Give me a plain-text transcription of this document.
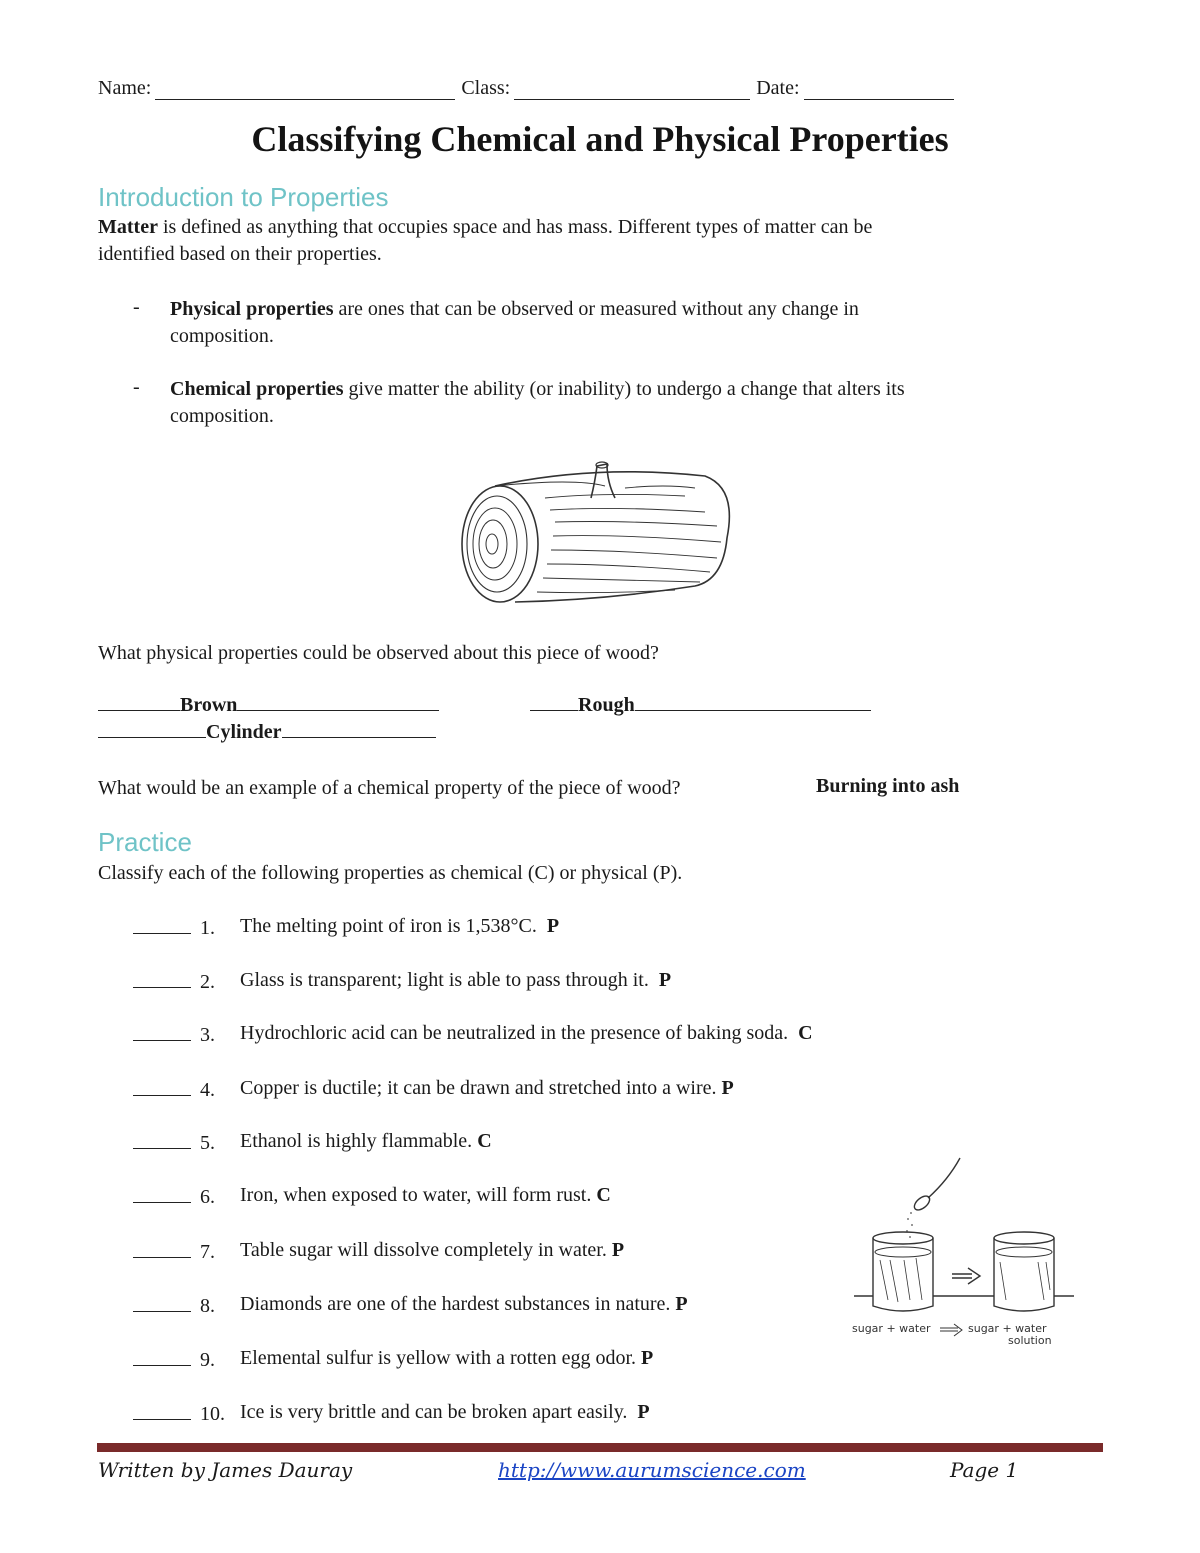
Name:	Class:	Date:
Classifying Chemical and Physical Properties
Introduction to Properties
Matter is defined as anything that occupies space and has mass. Different types of matter can be
identified based on their properties.
- Physical properties are ones that can be observed or measured without any change in
composition.
- Chemical properties give matter the ability (or inability) to undergo a change that alters its
composition.
What physical properties could be observed about this piece of wood?
Brown	Rough
Cylinder
What would be an example of a chemical property of the piece of wood?	Burning into ash
Practice
Classify each of the following properties as chemical (C) or physical (P).
1. The melting point of iron is 1,538°C. P
2. Glass is transparent; light is able to pass through it. P
3. Hydrochloric acid can be neutralized in the presence of baking soda. C
4. Copper is ductile; it can be drawn and stretched into a wire. P
5. Ethanol is highly flammable. C
6. Iron, when exposed to water, will form rust. C
7. Table sugar will dissolve completely in water. P
8. Diamonds are one of the hardest substances in nature. P
9. Elemental sulfur is yellow with a rotten egg odor. P
10. Ice is very brittle and can be broken apart easily. P
sugar + water	sugar + water
solution
Written by James Dauray	http://www.aurumscience.com	Page 1
